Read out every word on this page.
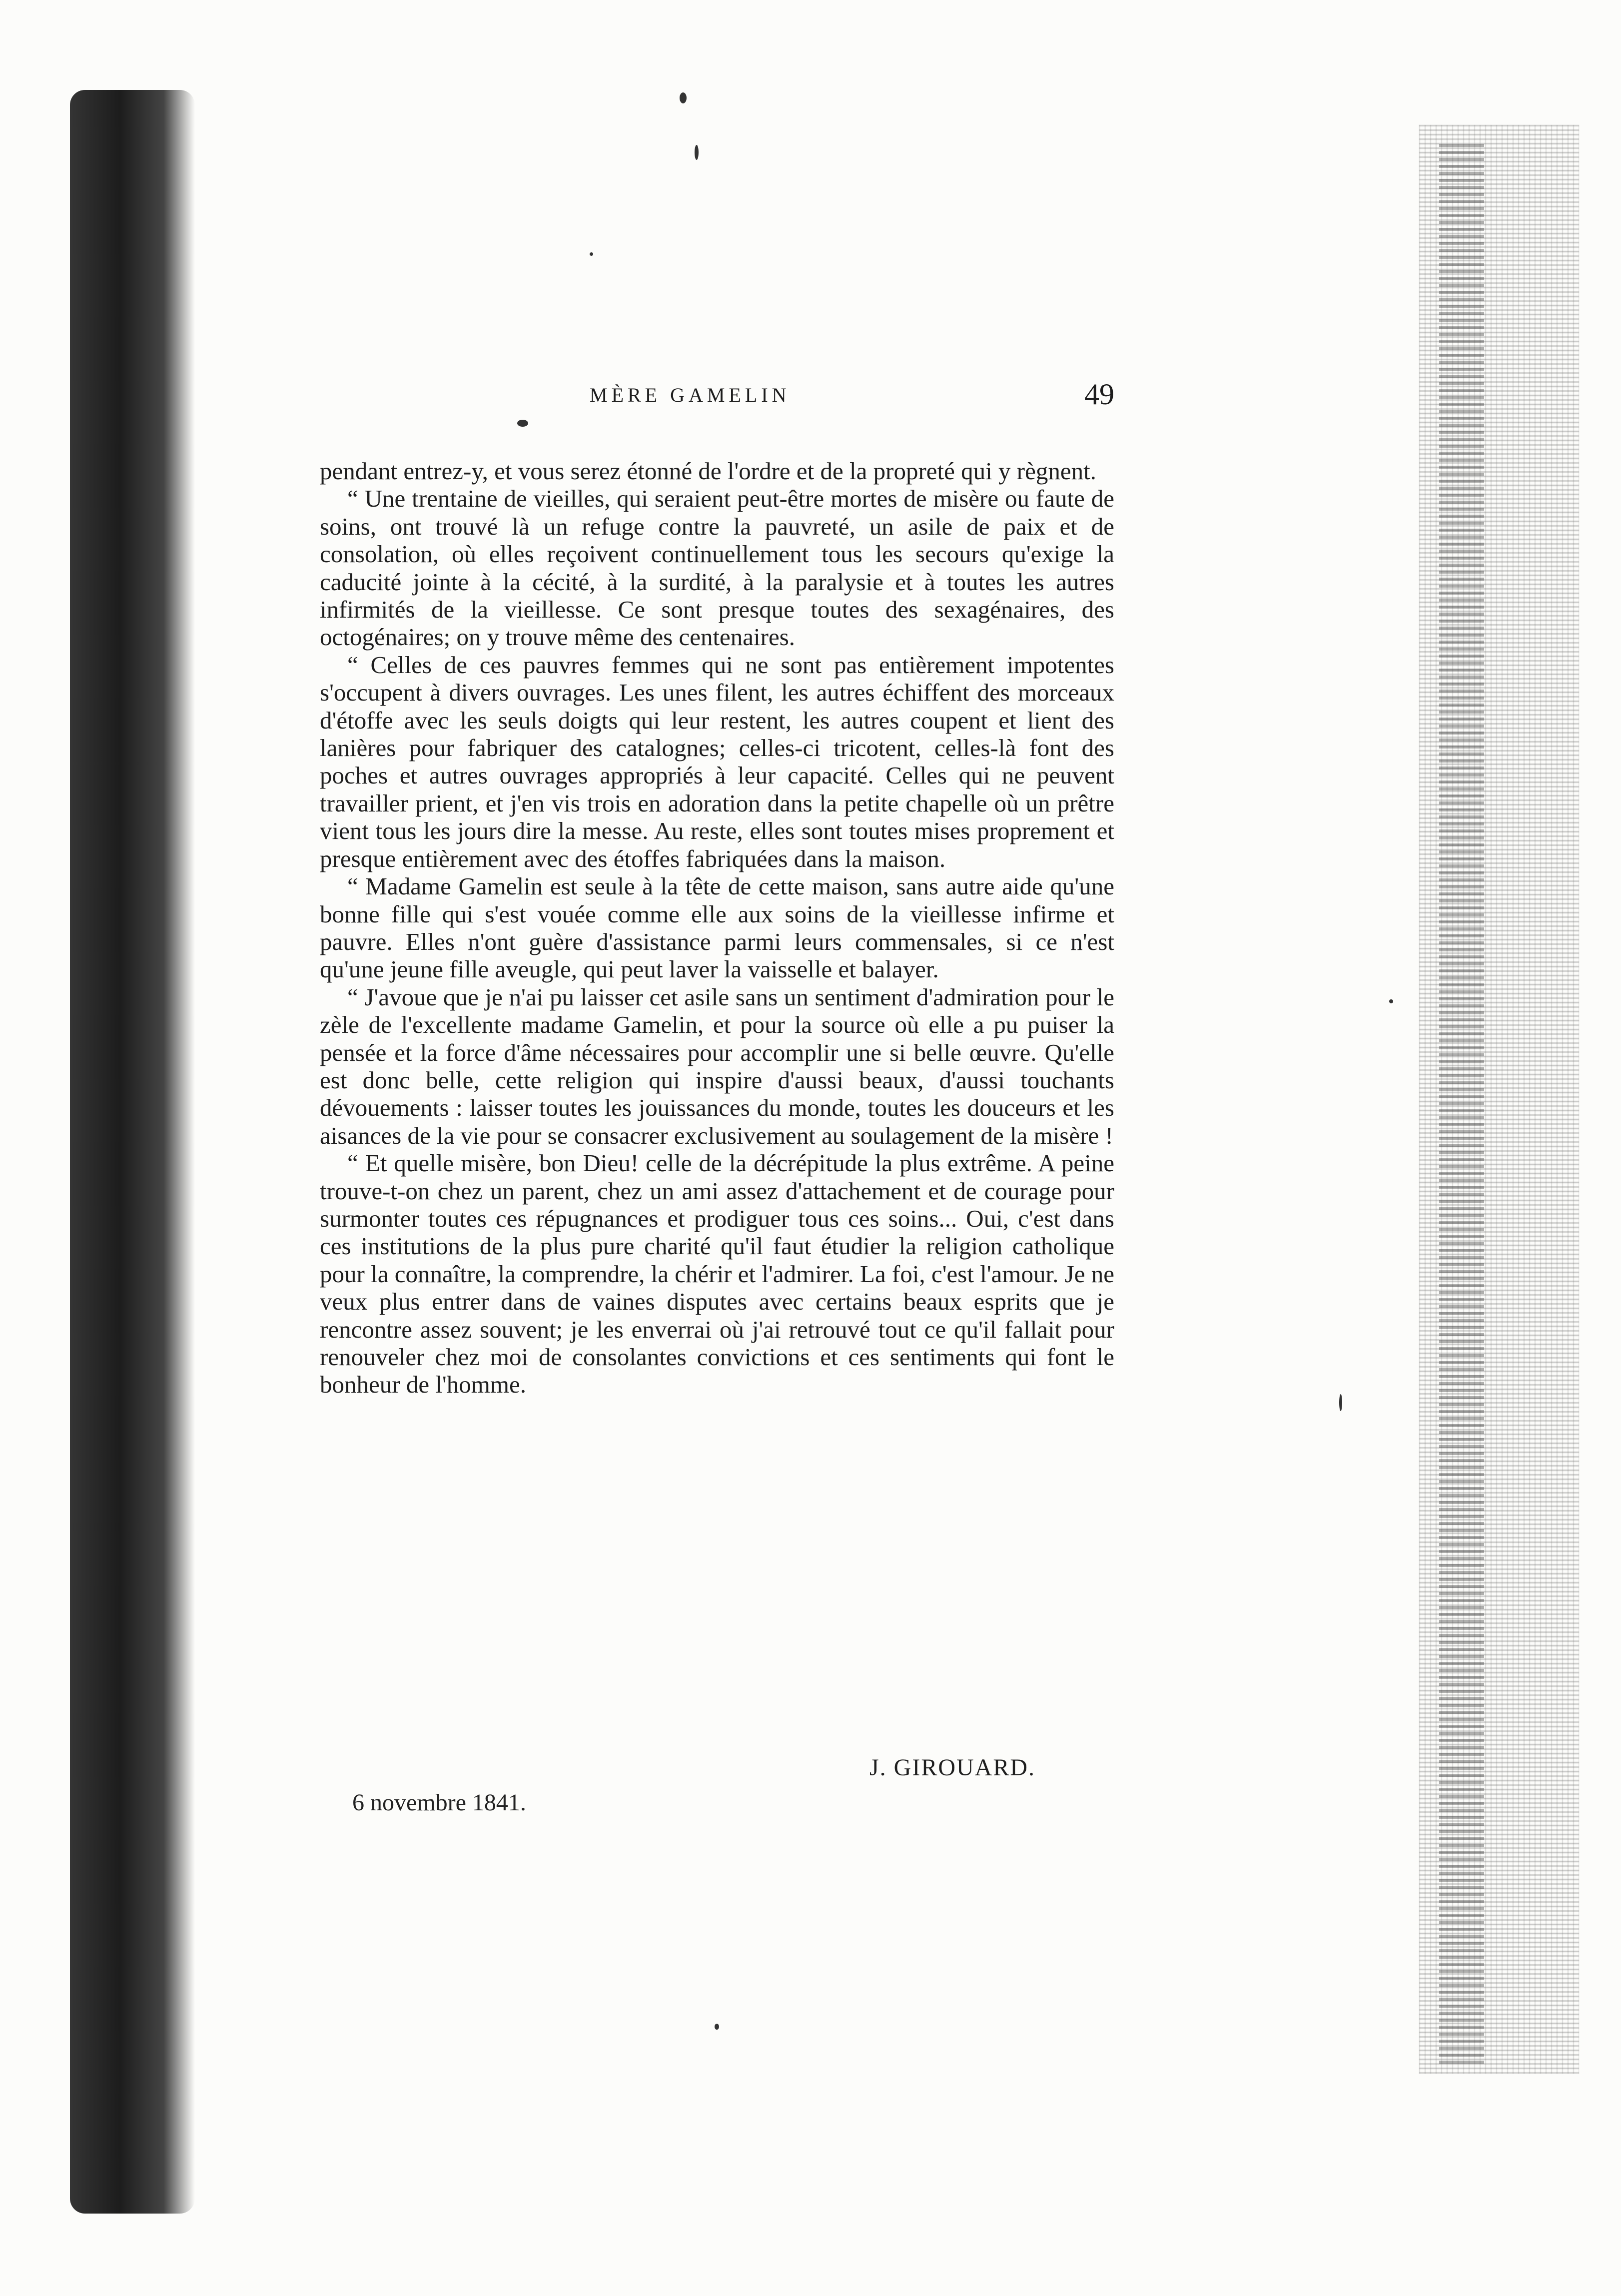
MÈRE GAMELIN	49

pendant entrez-y, et vous serez étonné de l'ordre et de la propreté qui y règnent.

“ Une trentaine de vieilles, qui seraient peut-être mortes de misère ou faute de soins, ont trouvé là un refuge contre la pauvreté, un asile de paix et de consolation, où elles reçoivent continuellement tous les secours qu'exige la caducité jointe à la cécité, à la surdité, à la paralysie et à toutes les autres infirmités de la vieillesse. Ce sont presque toutes des sexagénaires, des octogénaires; on y trouve même des centenaires.

“ Celles de ces pauvres femmes qui ne sont pas entièrement impotentes s'occupent à divers ouvrages. Les unes filent, les autres échiffent des morceaux d'étoffe avec les seuls doigts qui leur restent, les autres coupent et lient des lanières pour fabriquer des catalognes; celles-ci tricotent, celles-là font des poches et autres ouvrages appropriés à leur capacité. Celles qui ne peuvent travailler prient, et j'en vis trois en adoration dans la petite chapelle où un prêtre vient tous les jours dire la messe. Au reste, elles sont toutes mises proprement et presque entièrement avec des étoffes fabriquées dans la maison.

“ Madame Gamelin est seule à la tête de cette maison, sans autre aide qu'une bonne fille qui s'est vouée comme elle aux soins de la vieillesse infirme et pauvre. Elles n'ont guère d'assistance parmi leurs commensales, si ce n'est qu'une jeune fille aveugle, qui peut laver la vaisselle et balayer.

“ J'avoue que je n'ai pu laisser cet asile sans un sentiment d'admiration pour le zèle de l'excellente madame Gamelin, et pour la source où elle a pu puiser la pensée et la force d'âme nécessaires pour accomplir une si belle œuvre. Qu'elle est donc belle, cette religion qui inspire d'aussi beaux, d'aussi touchants dévouements : laisser toutes les jouissances du monde, toutes les douceurs et les aisances de la vie pour se consacrer exclusivement au soulagement de la misère !

“ Et quelle misère, bon Dieu! celle de la décrépitude la plus extrême. A peine trouve-t-on chez un parent, chez un ami assez d'attachement et de courage pour surmonter toutes ces répugnances et prodiguer tous ces soins... Oui, c'est dans ces institutions de la plus pure charité qu'il faut étudier la religion catholique pour la connaître, la comprendre, la chérir et l'admirer. La foi, c'est l'amour. Je ne veux plus entrer dans de vaines disputes avec certains beaux esprits que je rencontre assez souvent; je les enverrai où j'ai retrouvé tout ce qu'il fallait pour renouveler chez moi de consolantes convictions et ces sentiments qui font le bonheur de l'homme.

J. GIROUARD.
6 novembre 1841.
